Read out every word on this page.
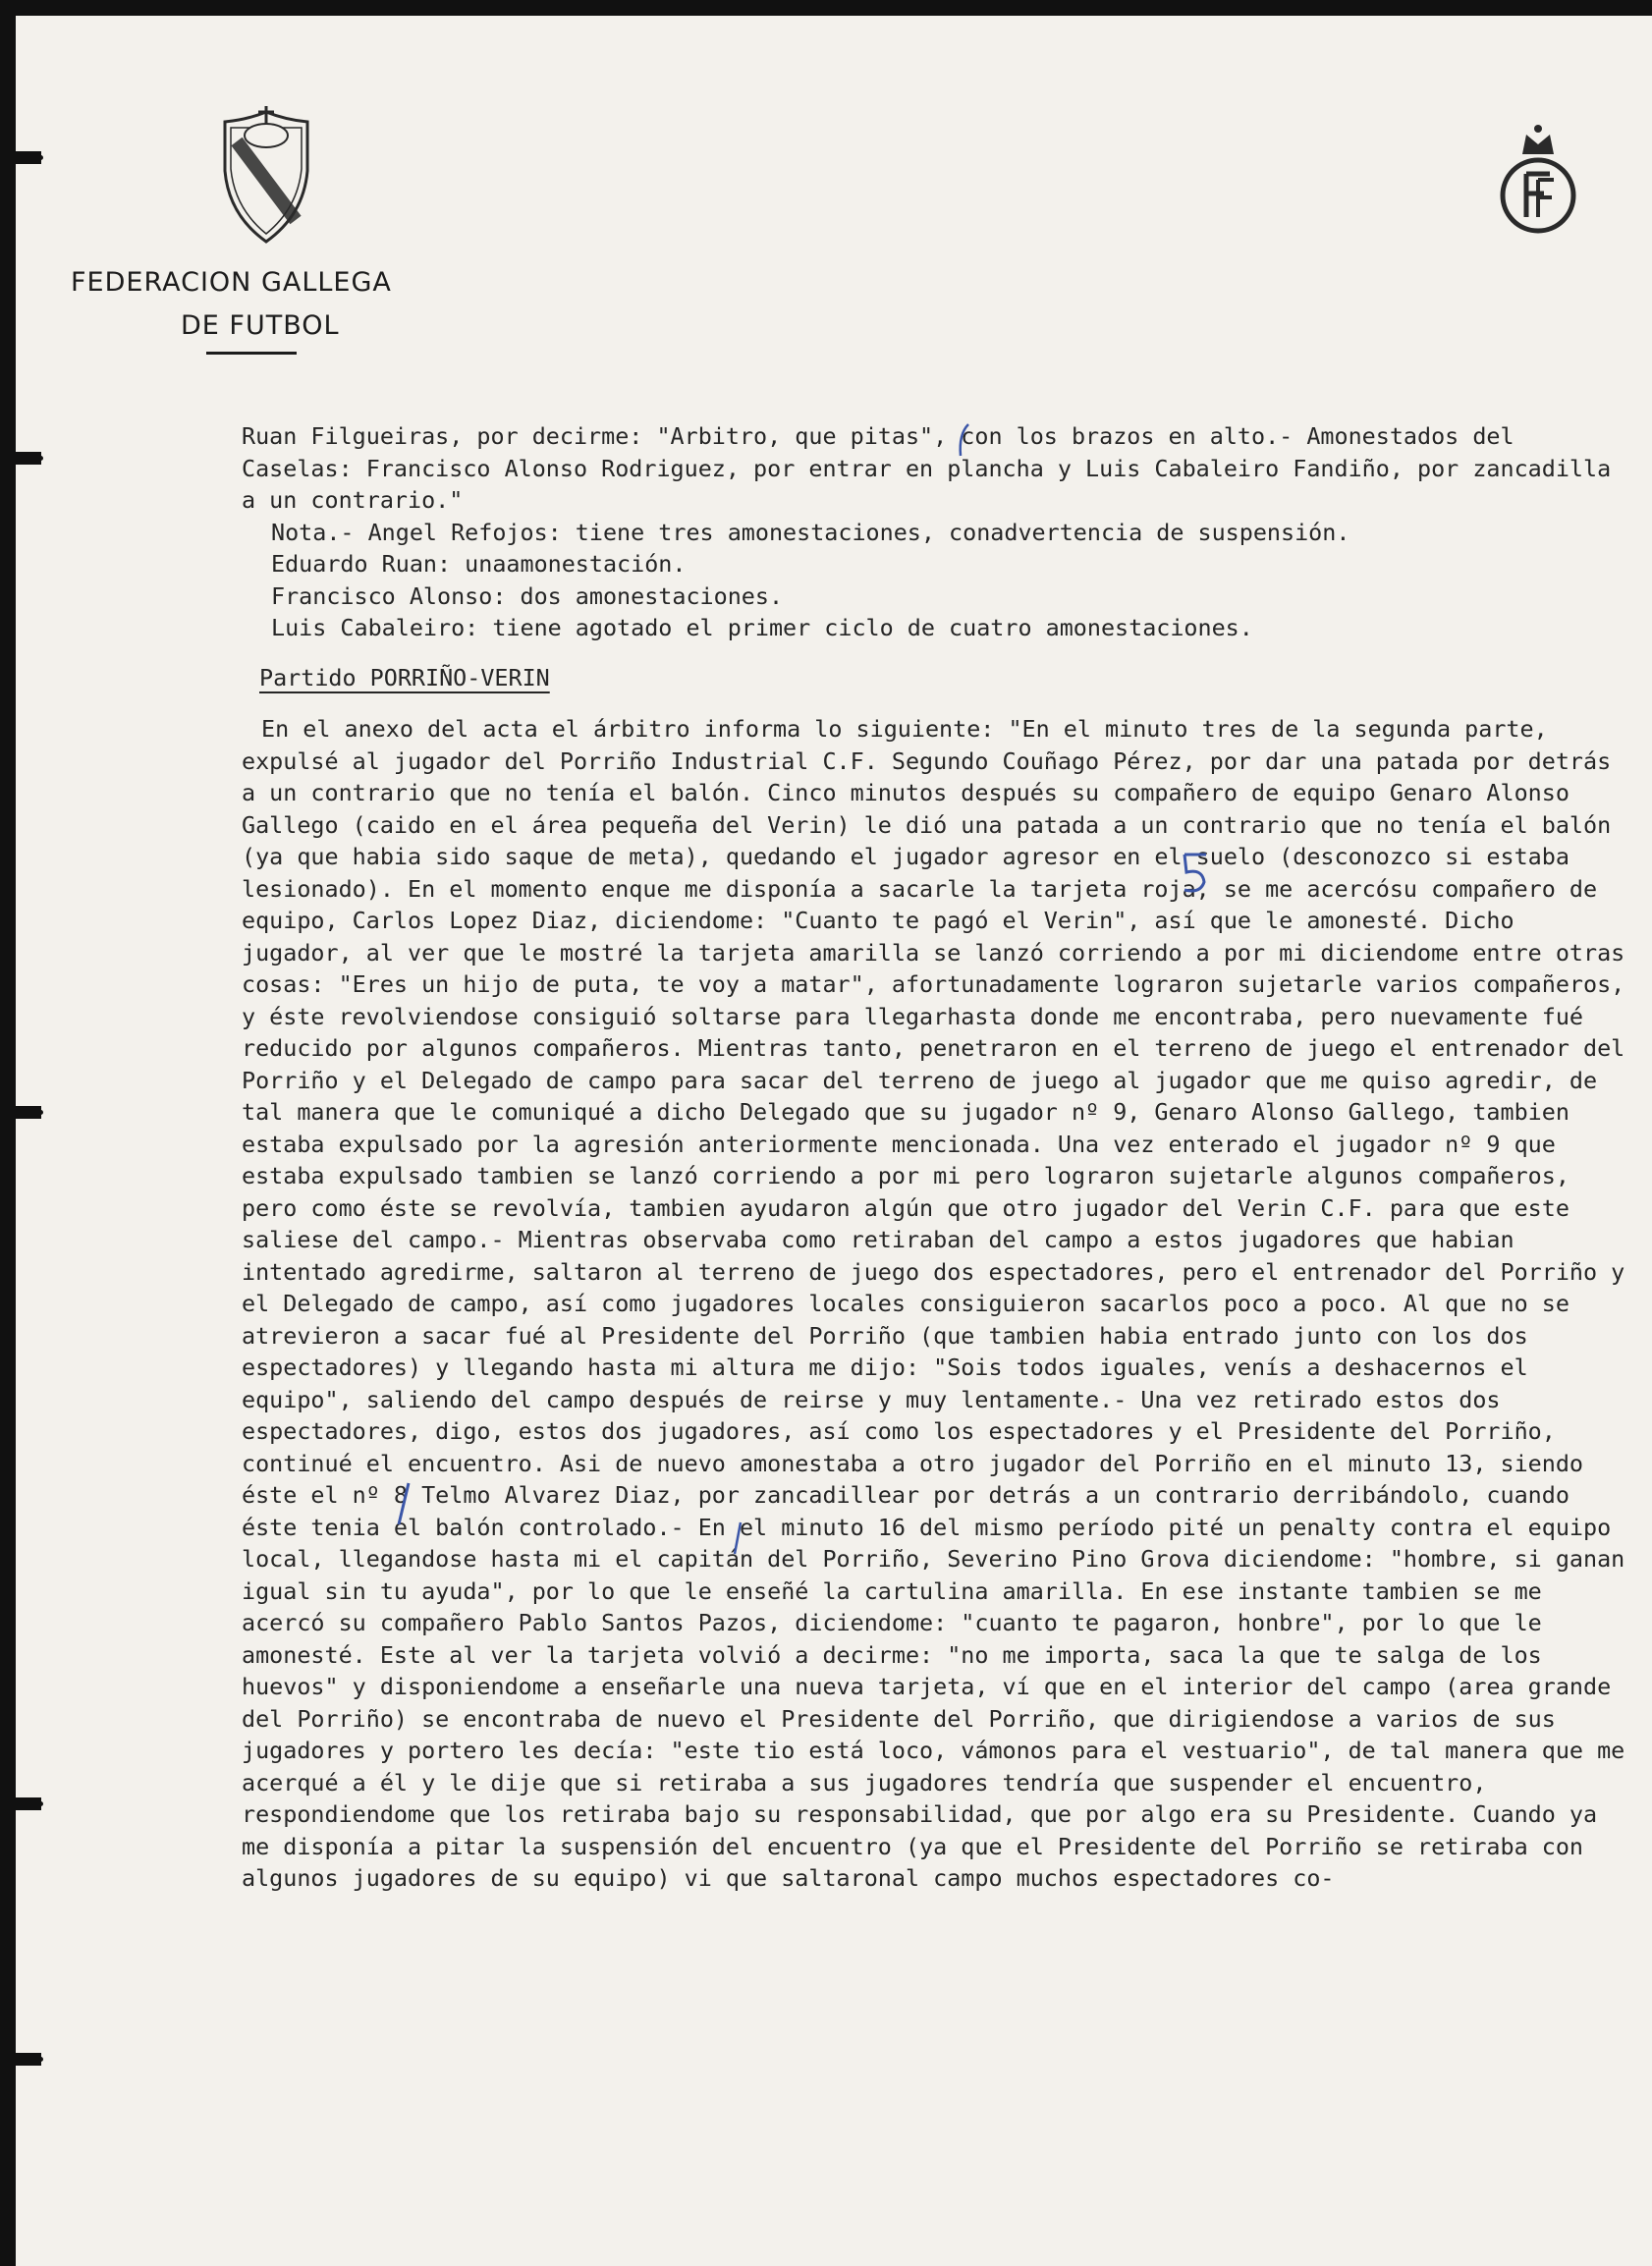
FEDERACION GALLEGA
DE FUTBOL

Ruan Filgueiras, por decirme: "Arbitro, que pitas", con los brazos en alto.- Amonestados del Caselas: Francisco Alonso Rodriguez, por entrar en plancha y Luis Cabaleiro Fandiño, por zancadilla a un contrario."

Nota.- Angel Refojos: tiene tres amonestaciones, conadvertencia de suspensión.

Eduardo Ruan: unaamonestación.

Francisco Alonso: dos amonestaciones.

Luis Cabaleiro: tiene agotado el primer ciclo de cuatro amonestaciones.

Partido PORRIÑO-VERIN

En el anexo del acta el árbitro informa lo siguiente: "En el minuto tres de la segunda parte, expulsé al jugador del Porriño Industrial C.F. Segundo Couñago Pérez, por dar una patada por detrás a un contrario que no tenía el balón. Cinco minutos después su compañero de equipo Genaro Alonso Gallego (caido en el área pequeña del Verin) le dió una patada a un contrario que no tenía el balón (ya que habia sido saque de meta), quedando el jugador agresor en el suelo (desconozco si estaba lesionado). En el momento enque me disponía a sacarle la tarjeta roja, se me acercósu compañero de equipo, Carlos Lopez Diaz, diciendome: "Cuanto te pagó el Verin", así que le amonesté. Dicho jugador, al ver que le mostré la tarjeta amarilla se lanzó corriendo a por mi diciendome entre otras cosas: "Eres un hijo de puta, te voy a matar", afortunadamente lograron sujetarle varios compañeros, y éste revolviendose consiguió soltarse para llegarhasta donde me encontraba, pero nuevamente fué reducido por algunos compañeros. Mientras tanto, penetraron en el terreno de juego el entrenador del Porriño y el Delegado de campo para sacar del terreno de juego al jugador que me quiso agredir, de tal manera que le comuniqué a dicho Delegado que su jugador nº 9, Genaro Alonso Gallego, tambien estaba expulsado por la agresión anteriormente mencionada. Una vez enterado el jugador nº 9 que estaba expulsado tambien se lanzó corriendo a por mi pero lograron sujetarle algunos compañeros, pero como éste se revolvía, tambien ayudaron algún que otro jugador del Verin C.F. para que este saliese del campo.- Mientras observaba como retiraban del campo a estos jugadores que habian intentado agredirme, saltaron al terreno de juego dos espectadores, pero el entrenador del Porriño y el Delegado de campo, así como jugadores locales consiguieron sacarlos poco a poco. Al que no se atrevieron a sacar fué al Presidente del Porriño (que tambien habia entrado junto con los dos espectadores) y llegando hasta mi altura me dijo: "Sois todos iguales, venís a deshacernos el equipo", saliendo del campo después de reirse y muy lentamente.- Una vez retirado estos dos espectadores, digo, estos dos jugadores, así como los espectadores y el Presidente del Porriño, continué el encuentro. Asi de nuevo amonestaba a otro jugador del Porriño en el minuto 13, siendo éste el nº 8 Telmo Alvarez Diaz, por zancadillear por detrás a un contrario derribándolo, cuando éste tenia el balón controlado.- En el minuto 16 del mismo período pité un penalty contra el equipo local, llegandose hasta mi el capitán del Porriño, Severino Pino Grova diciendome: "hombre, si ganan igual sin tu ayuda", por lo que le enseñé la cartulina amarilla. En ese instante tambien se me acercó su compañero Pablo Santos Pazos, diciendome: "cuanto te pagaron, honbre", por lo que le amonesté. Este al ver la tarjeta volvió a decirme: "no me importa, saca la que te salga de los huevos" y disponiendome a enseñarle una nueva tarjeta, ví que en el interior del campo (area grande del Porriño) se encontraba de nuevo el Presidente del Porriño, que dirigiendose a varios de sus jugadores y portero les decía: "este tio está loco, vámonos para el vestuario", de tal manera que me acerqué a él y le dije que si retiraba a sus jugadores tendría que suspender el encuentro, respondiendome que los retiraba bajo su responsabilidad, que por algo era su Presidente. Cuando ya me disponía a pitar la suspensión del encuentro (ya que el Presidente del Porriño se retiraba con algunos jugadores de su equipo) vi que saltaronal campo muchos espectadores co-
